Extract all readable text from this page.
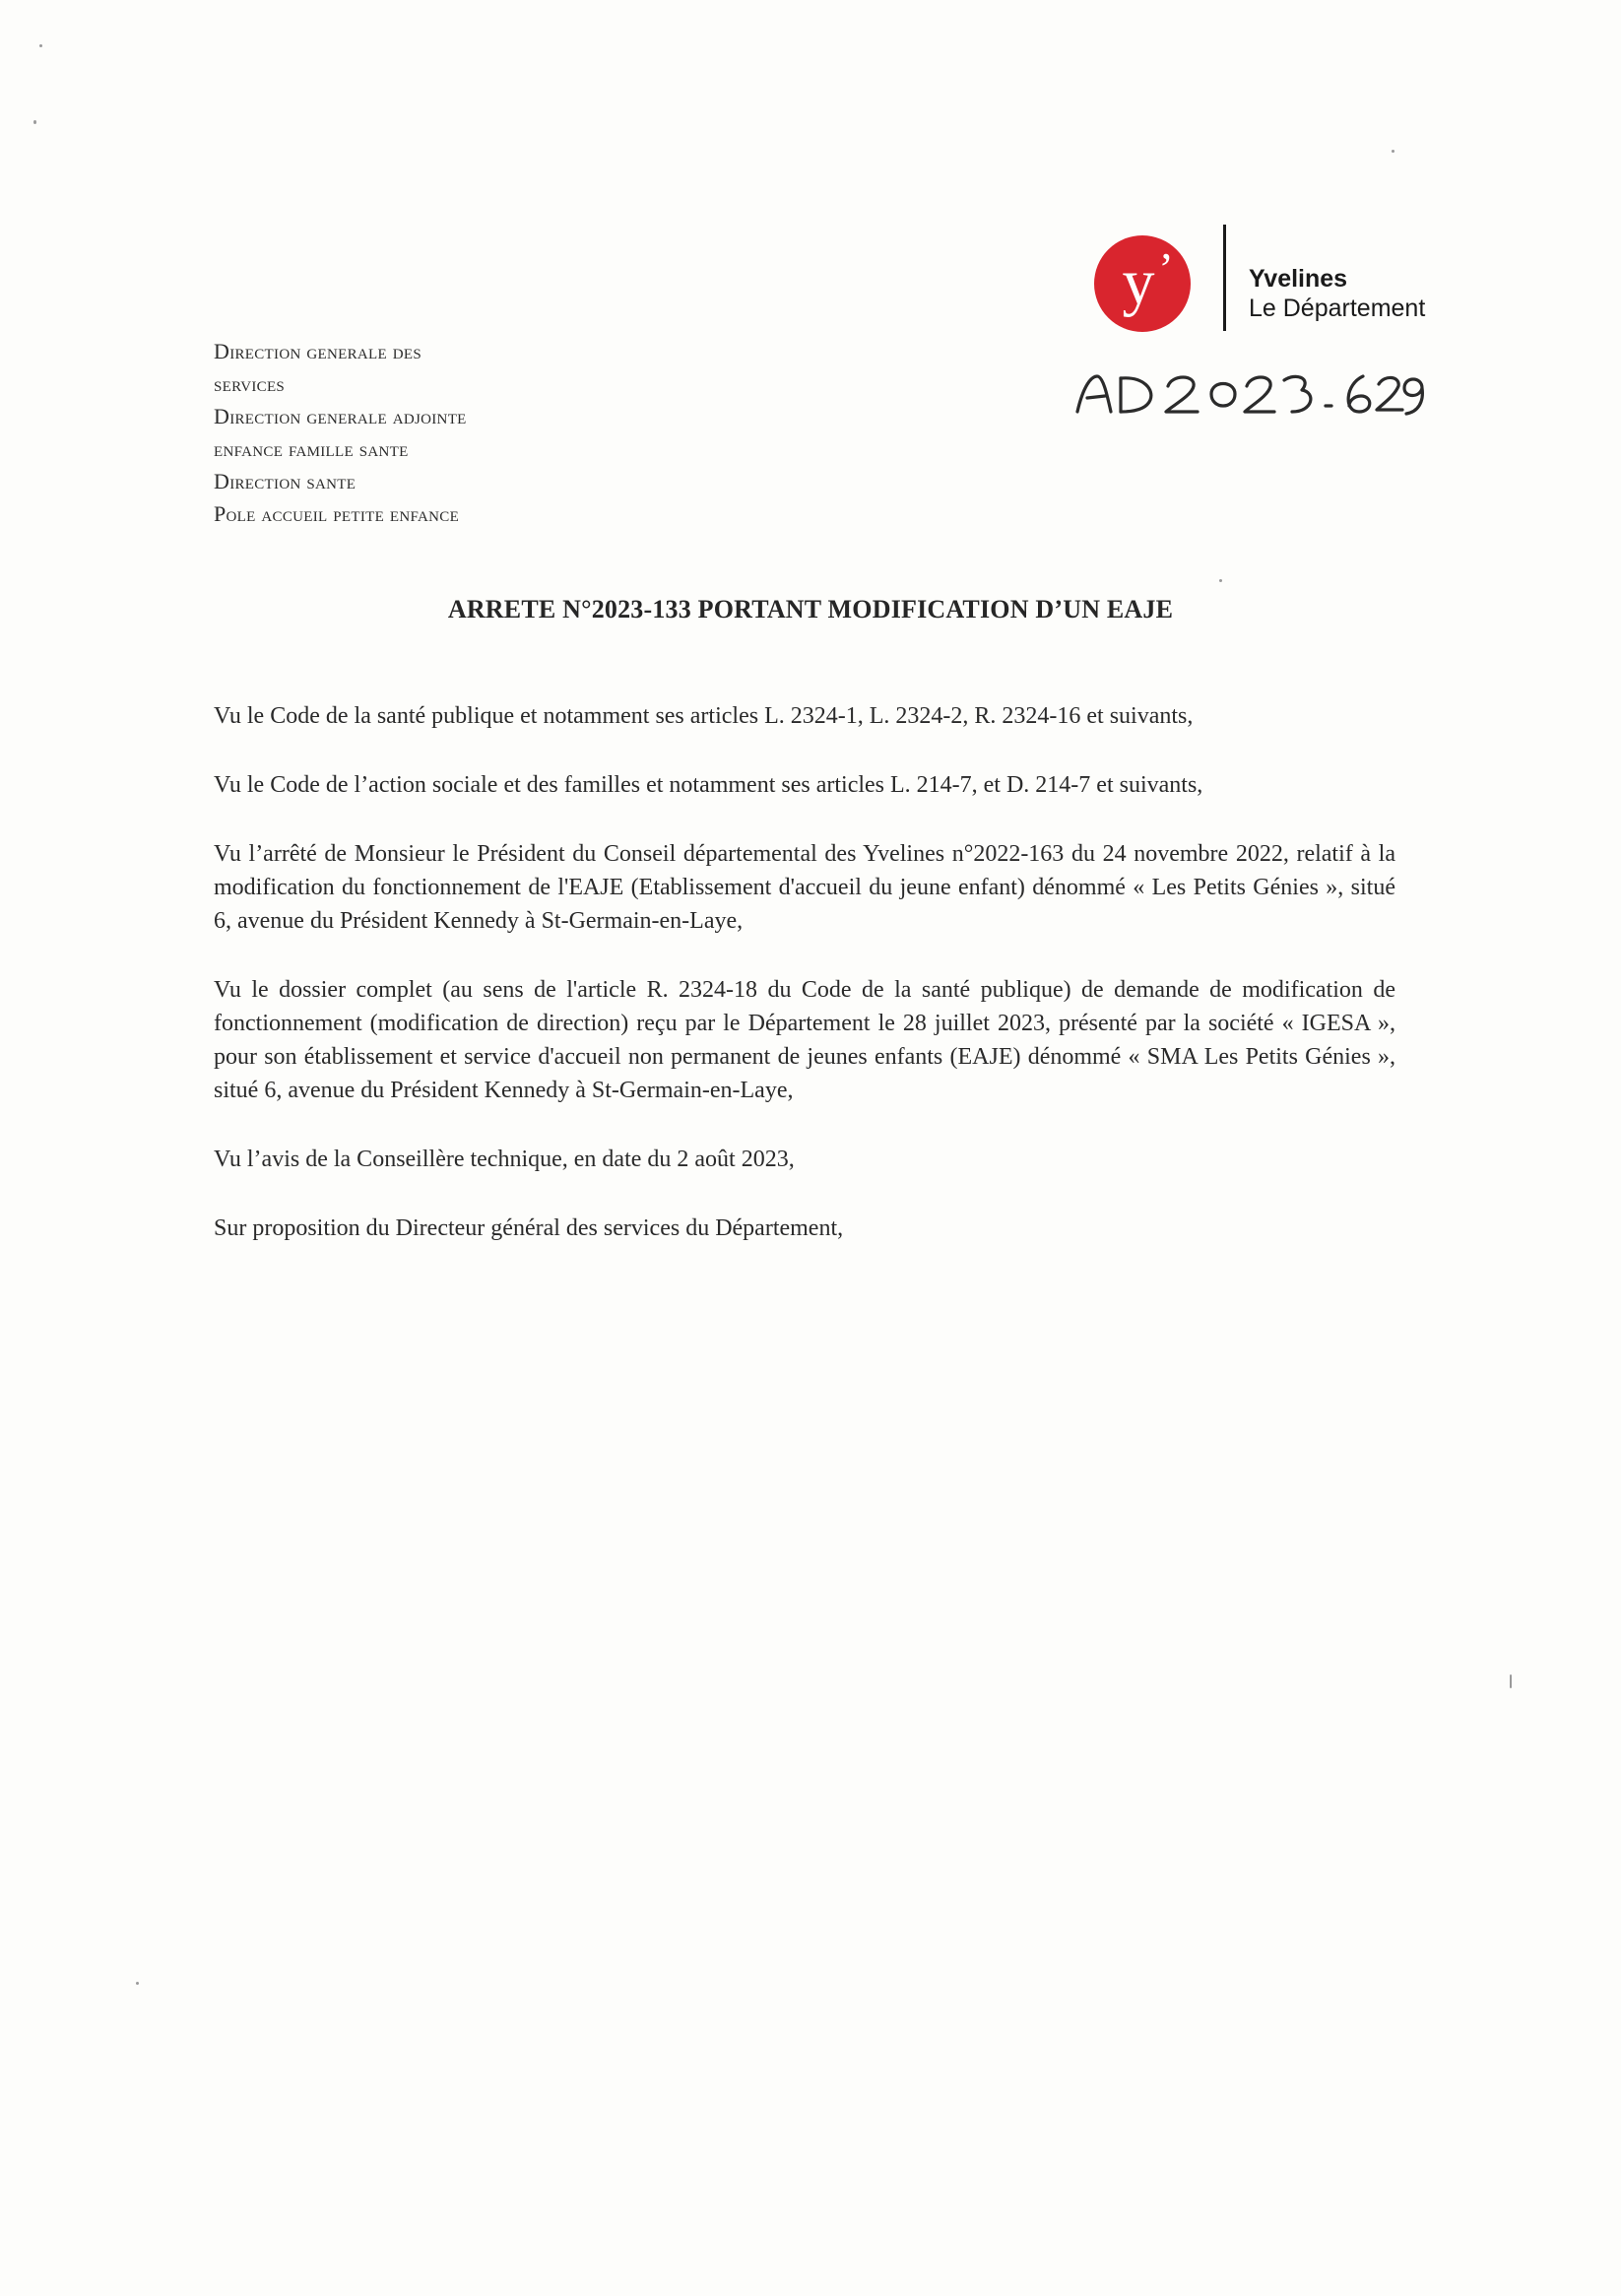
y ’	Yvelines
Le Département
AD 2023. 629
Direction generale des
services
Direction generale adjointe
enfance famille sante
Direction sante
Pole accueil petite enfance
ARRETE N°2023-133 PORTANT MODIFICATION D’UN EAJE

Vu le Code de la santé publique et notamment ses articles L. 2324-1, L. 2324-2, R. 2324-16 et suivants,

Vu le Code de l’action sociale et des familles et notamment ses articles L. 214-7, et D. 214-7 et suivants,

Vu l’arrêté de Monsieur le Président du Conseil départemental des Yvelines n°2022-163 du 24 novembre 2022, relatif à la modification du fonctionnement de l'EAJE (Etablissement d'accueil du jeune enfant) dénommé « Les Petits Génies », situé 6, avenue du Président Kennedy à St-Germain-en-Laye,

Vu le dossier complet (au sens de l'article R. 2324-18 du Code de la santé publique) de demande de modification de fonctionnement (modification de direction) reçu par le Département le 28 juillet 2023, présenté par la société « IGESA », pour son établissement et service d'accueil non permanent de jeunes enfants (EAJE) dénommé « SMA Les Petits Génies », situé 6, avenue du Président Kennedy à St-Germain-en-Laye,

Vu l’avis de la Conseillère technique, en date du 2 août 2023,

Sur proposition du Directeur général des services du Département,
